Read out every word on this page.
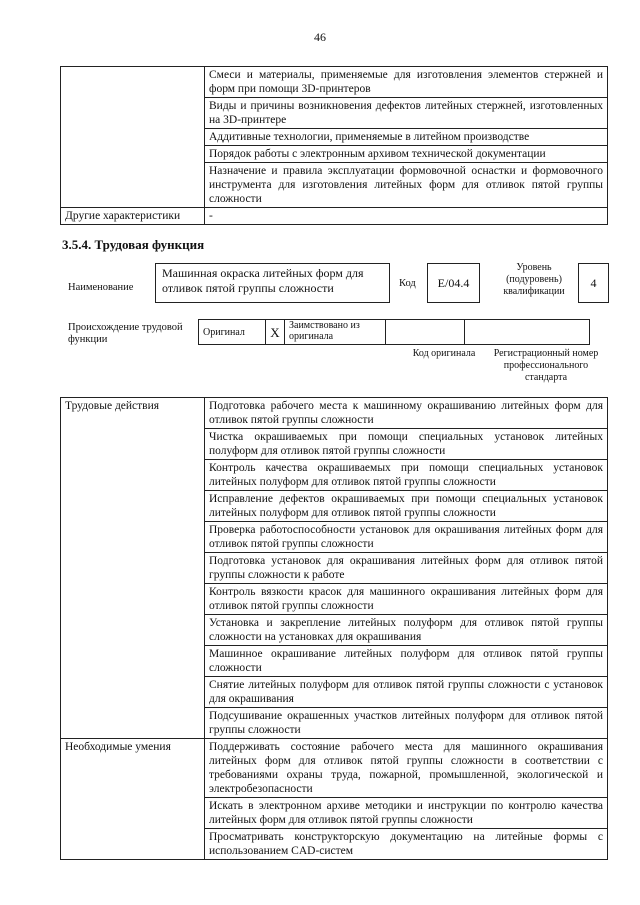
46
	Смеси и материалы, применяемые для изготовления элементов стержней и форм при помощи 3D-принтеров
	Виды и причины возникновения дефектов литейных стержней, изготовленных на 3D-принтере
	Аддитивные технологии, применяемые в литейном производстве
	Порядок работы с электронным архивом технической документации
	Назначение и правила эксплуатации формовочной оснастки и формовочного инструмента для изготовления литейных форм для отливок пятой группы сложности
Другие характеристики	-
3.5.4. Трудовая функция
Наименование
Машинная окраска литейных форм для отливок пятой группы сложности	Код	E/04.4
Уровень (подуровень) квалификации
4
Происхождение трудовой функции
Оригинал	X	Заимствовано из оригинала		
Код оригинала	Регистрационный номер профессионального стандарта
Трудовые действия	Подготовка рабочего места к машинному окрашиванию литейных форм для отливок пятой группы сложности
	Чистка окрашиваемых при помощи специальных установок литейных полуформ для отливок пятой группы сложности
	Контроль качества окрашиваемых при помощи специальных установок литейных полуформ для отливок пятой группы сложности
	Исправление дефектов окрашиваемых при помощи специальных установок литейных полуформ для отливок пятой группы сложности
	Проверка работоспособности установок для окрашивания литейных форм для отливок пятой группы сложности
	Подготовка установок для окрашивания литейных форм для отливок пятой группы сложности к работе
	Контроль вязкости красок для машинного окрашивания литейных форм для отливок пятой группы сложности
	Установка и закрепление литейных полуформ для отливок пятой группы сложности на установках для окрашивания
	Машинное окрашивание литейных полуформ для отливок пятой группы сложности
	Снятие литейных полуформ для отливок пятой группы сложности с установок для окрашивания
	Подсушивание окрашенных участков литейных полуформ для отливок пятой группы сложности
Необходимые умения	Поддерживать состояние рабочего места для машинного окрашивания литейных форм для отливок пятой группы сложности в соответствии с требованиями охраны труда, пожарной, промышленной, экологической и электробезопасности
	Искать в электронном архиве методики и инструкции по контролю качества литейных форм для отливок пятой группы сложности
	Просматривать конструкторскую документацию на литейные формы с использованием CAD-систем
